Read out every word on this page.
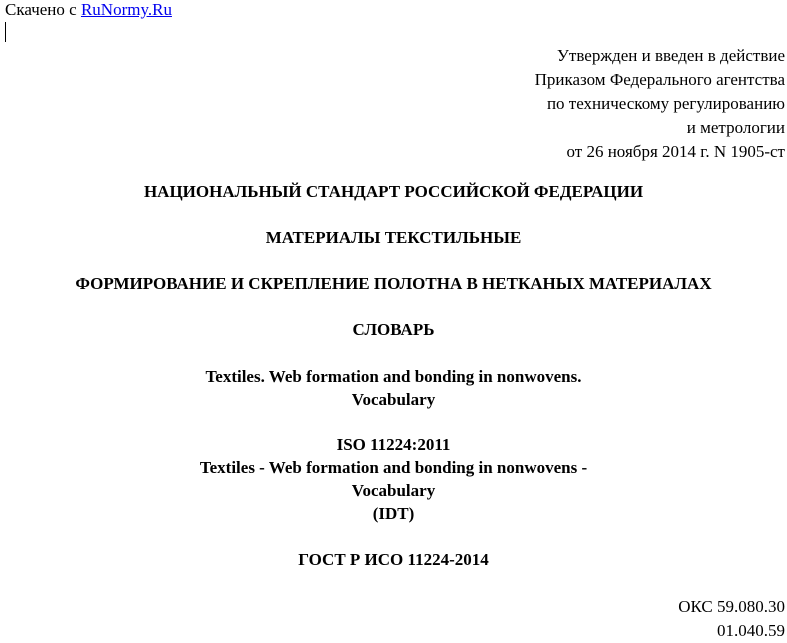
Скачено с RuNormy.Ru
Утвержден и введен в действие
Приказом Федерального агентства
по техническому регулированию
и метрологии
от 26 ноября 2014 г. N 1905-ст
НАЦИОНАЛЬНЫЙ СТАНДАРТ РОССИЙСКОЙ ФЕДЕРАЦИИ
МАТЕРИАЛЫ ТЕКСТИЛЬНЫЕ
ФОРМИРОВАНИЕ И СКРЕПЛЕНИЕ ПОЛОТНА В НЕТКАНЫХ МАТЕРИАЛАХ
СЛОВАРЬ
Textiles. Web formation and bonding in nonwovens.
Vocabulary
ISO 11224:2011
Textiles - Web formation and bonding in nonwovens -
Vocabulary
(IDT)
ГОСТ Р ИСО 11224-2014
ОКС 59.080.30
01.040.59
